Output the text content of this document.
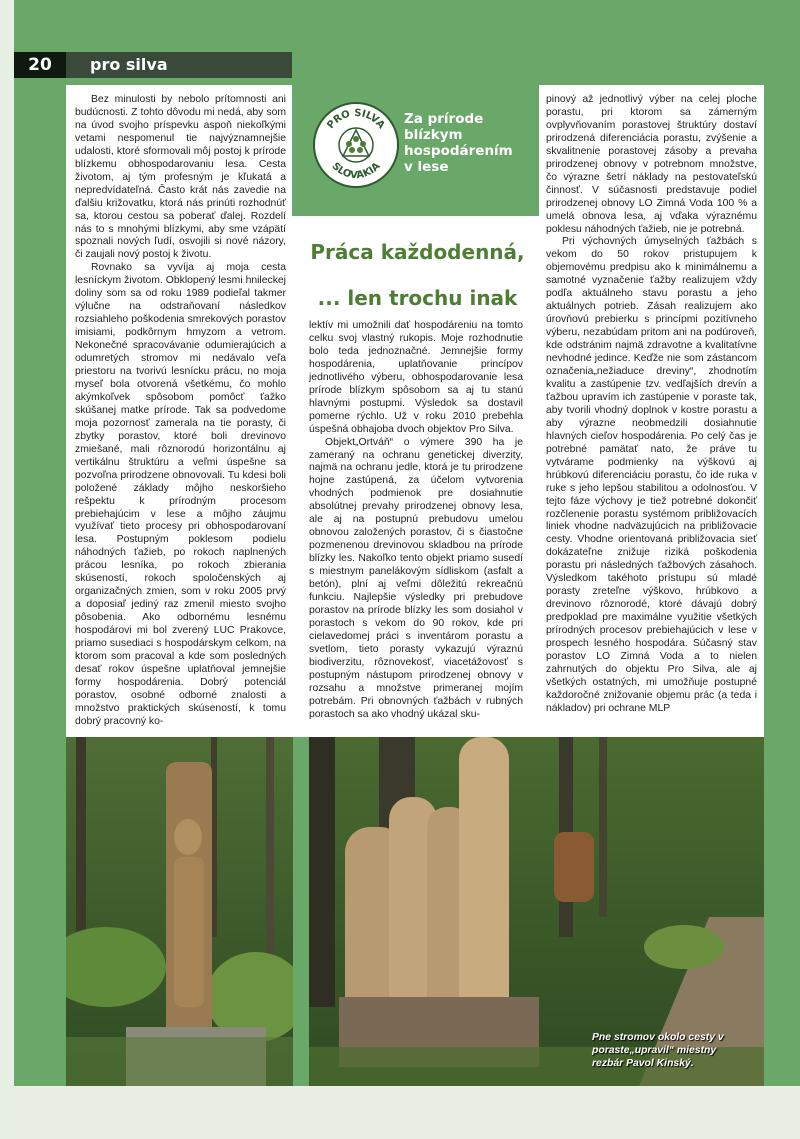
20	pro silva
PRO SILVA
SLOVAKIA
Za prírode blízkym
hospodárením
v lese
Práca každodenná,
... len trochu inak

Bez minulosti by nebolo prítomnosti ani budúcnosti. Z tohto dôvodu mi nedá, aby som na úvod svojho príspevku aspoň niekoľkými vetami nespomenul tie najvýznamnejšie udalosti, ktoré sformovali môj postoj k prírode blízkemu obhospodarovaniu lesa. Cesta životom, aj tým profesným je kľukatá a nepredvídateľná. Často krát nás zavedie na ďalšiu križovatku, ktorá nás prinúti rozhodnúť sa, ktorou cestou sa poberať ďalej. Rozdelí nás to s mnohými blízkymi, aby sme vzápätí spoznali nových ľudí, osvojili si nové názory, či zaujali nový postoj k životu.

Rovnako sa vyvíja aj moja cesta lesníckym životom. Obklopený lesmi hnileckej doliny som sa od roku 1989 podieľal takmer výlučne na odstraňovaní následkov rozsiahleho poškodenia smrekových porastov imisiami, podkôrnym hmyzom a vetrom. Nekonečné spracovávanie odumierajúcich a odumretých stromov mi nedávalo veľa priestoru na tvorivú lesnícku prácu, no moja myseľ bola otvorená všetkému, čo mohlo akýmkoľvek spôsobom pomôcť ťažko skúšanej matke prírode. Tak sa podvedome moja pozornosť zamerala na tie porasty, či zbytky porastov, ktoré boli drevinovo zmiešané, mali rôznorodú horizontálnu aj vertikálnu štruktúru a veľmi úspešne sa pozvoľna prirodzene obnovovali. Tu kdesi boli položené základy môjho neskoršieho rešpektu k prírodným procesom prebiehajúcim v lese a môjho záujmu využívať tieto procesy pri obhospodarovaní lesa. Postupným poklesom podielu náhodných ťažieb, po rokoch naplnených prácou lesníka, po rokoch zbierania skúseností, rokoch spoločenských aj organizačných zmien, som v roku 2005 prvý a doposiaľ jediný raz zmenil miesto svojho pôsobenia. Ako odbornému lesnému hospodárovi mi bol zverený LUC Prakovce, priamo susediaci s hospodárskym celkom, na ktorom som pracoval a kde som posledných desať rokov úspešne uplatňoval jemnejšie formy hospodárenia. Dobrý potenciál porastov, osobné odborné znalosti a množstvo praktických skúseností, k tomu dobrý pracovný ko-

lektív mi umožnili dať hospodáreniu na tomto celku svoj vlastný rukopis. Moje rozhodnutie bolo teda jednoznačné. Jemnejšie formy hospodárenia, uplatňovanie princípov jednotlivého výberu, obhospodarovanie lesa prírode blízkym spôsobom sa aj tu stanú hlavnými postupmi. Výsledok sa dostavil pomerne rýchlo. Už v roku 2010 prebehla úspešná obhajoba dvoch objektov Pro Silva.

Objekt„Ortváň“ o výmere 390 ha je zameraný na ochranu genetickej diverzity, najmä na ochranu jedle, ktorá je tu prirodzene hojne zastúpená, za účelom vytvorenia vhodných podmienok pre dosiahnutie absolútnej prevahy prirodzenej obnovy lesa, ale aj na postupnú prebudovu umelou obnovou založených porastov, či s čiastočne pozmenenou drevinovou skladbou na prírode blízky les. Nakoľko tento objekt priamo susedí s miestnym panelákovým sídliskom (asfalt a betón), plní aj veľmi dôležitú rekreačnú funkciu. Najlepšie výsledky pri prebudove porastov na prírode blízky les som dosiahol v porastoch s vekom do 90 rokov, kde pri cielavedomej práci s inventárom porastu a svetlom, tieto porasty vykazujú výraznú biodiverzitu, rôznovekosť, viacetážovosť s postupným nástupom prirodzenej obnovy v rozsahu a množstve primeranej mojím potrebám. Pri obnovných ťažbách v rubných porastoch sa ako vhodný ukázal sku-

pinový až jednotlivý výber na celej ploche porastu, pri ktorom sa zámerným ovplyvňovaním porastovej štruktúry dostaví prirodzená diferenciácia porastu, zvýšenie a skvalitnenie porastovej zásoby a prevaha prirodzenej obnovy v potrebnom množstve, čo výrazne šetrí náklady na pestovateľskú činnosť. V súčasnosti predstavuje podiel prirodzenej obnovy LO Zimná Voda 100 % a umelá obnova lesa, aj vďaka výraznému poklesu náhodných ťažieb, nie je potrebná.

Pri výchovných úmyselných ťažbách s vekom do 50 rokov pristupujem k objemovému predpisu ako k minimálnemu a samotné vyznačenie ťažby realizujem vždy podľa aktuálneho stavu porastu a jeho aktuálnych potrieb. Zásah realizujem ako úrovňovú prebierku s princípmi pozitívneho výberu, nezabúdam pritom ani na podúroveň, kde odstránim najmä zdravotne a kvalitatívne nevhodné jedince. Keďže nie som zástancom označenia„nežiaduce dreviny“, zhodnotím kvalitu a zastúpenie tzv. vedľajších drevín a ťažbou upravím ich zastúpenie v poraste tak, aby tvorili vhodný doplnok v kostre porastu a aby výrazne neobmedzili dosiahnutie hlavných cieľov hospodárenia. Po celý čas je potrebné pamätať nato, že práve tu vytvárame podmienky na výškovú aj hrúbkovú diferenciáciu porastu, čo ide ruka v ruke s jeho lepšou stabilitou a odolnosťou. V tejto fáze výchovy je tiež potrebné dokončiť rozčlenenie porastu systémom približovacích liniek vhodne nadväzujúcich na približovacie cesty. Vhodne orientovaná približovacia sieť dokázateľne znižuje riziká poškodenia porastu pri následných ťažbových zásahoch. Výsledkom takéhoto prístupu sú mladé porasty zreteľne výškovo, hrúbkovo a drevinovo rôznorodé, ktoré dávajú dobrý predpoklad pre maximálne využitie všetkých prírodných procesov prebiehajúcich v lese v prospech lesného hospodára. Súčasný stav porastov LO Zimná Voda a to nielen zahrnutých do objektu Pro Silva, ale aj všetkých ostatných, mi umožňuje postupné každoročné znižovanie objemu prác (a teda i nákladov) pri ochrane MLP

Pne stromov okolo cesty v poraste„upravil“ miestny rezbár Pavol Kinský.
